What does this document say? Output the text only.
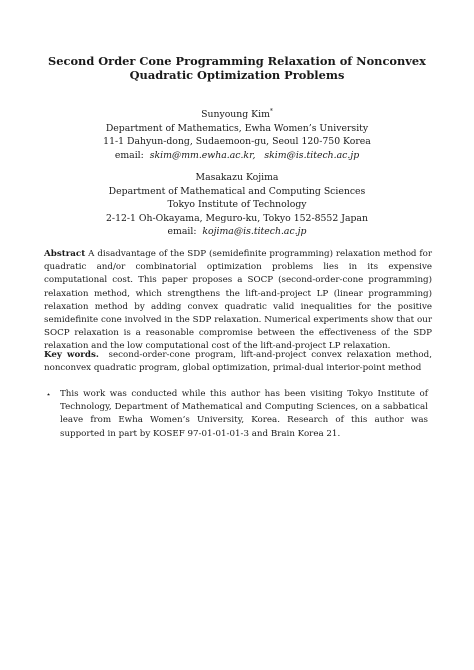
Second Order Cone Programming Relaxation of Nonconvex
Quadratic Optimization Problems
Sunyoung Kim*
Department of Mathematics, Ewha Women’s University
11-1 Dahyun-dong, Sudaemoon-gu, Seoul 120-750 Korea
email: skim@mm.ewha.ac.kr, skim@is.titech.ac.jp
Masakazu Kojima
Department of Mathematical and Computing Sciences
Tokyo Institute of Technology
2-12-1 Oh-Okayama, Meguro-ku, Tokyo 152-8552 Japan
email: kojima@is.titech.ac.jp
Abstract A disadvantage of the SDP (semidefinite programming) relaxation method for quadratic and/or combinatorial optimization problems lies in its expensive computational cost. This paper proposes a SOCP (second-order-cone programming) relaxation method, which strengthens the lift-and-project LP (linear programming) relaxation method by adding convex quadratic valid inequalities for the positive semidefinite cone involved in the SDP relaxation. Numerical experiments show that our SOCP relaxation is a reasonable compromise between the effectiveness of the SDP relaxation and the low computational cost of the lift-and-project LP relaxation.
Key words. second-order-cone program, lift-and-project convex relaxation method, nonconvex quadratic program, global optimization, primal-dual interior-point method
⋆ This work was conducted while this author has been visiting Tokyo Institute of Technology, Department of Mathematical and Computing Sciences, on a sabbatical leave from Ewha Women’s University, Korea. Research of this author was supported in part by KOSEF 97-01-01-01-3 and Brain Korea 21.
